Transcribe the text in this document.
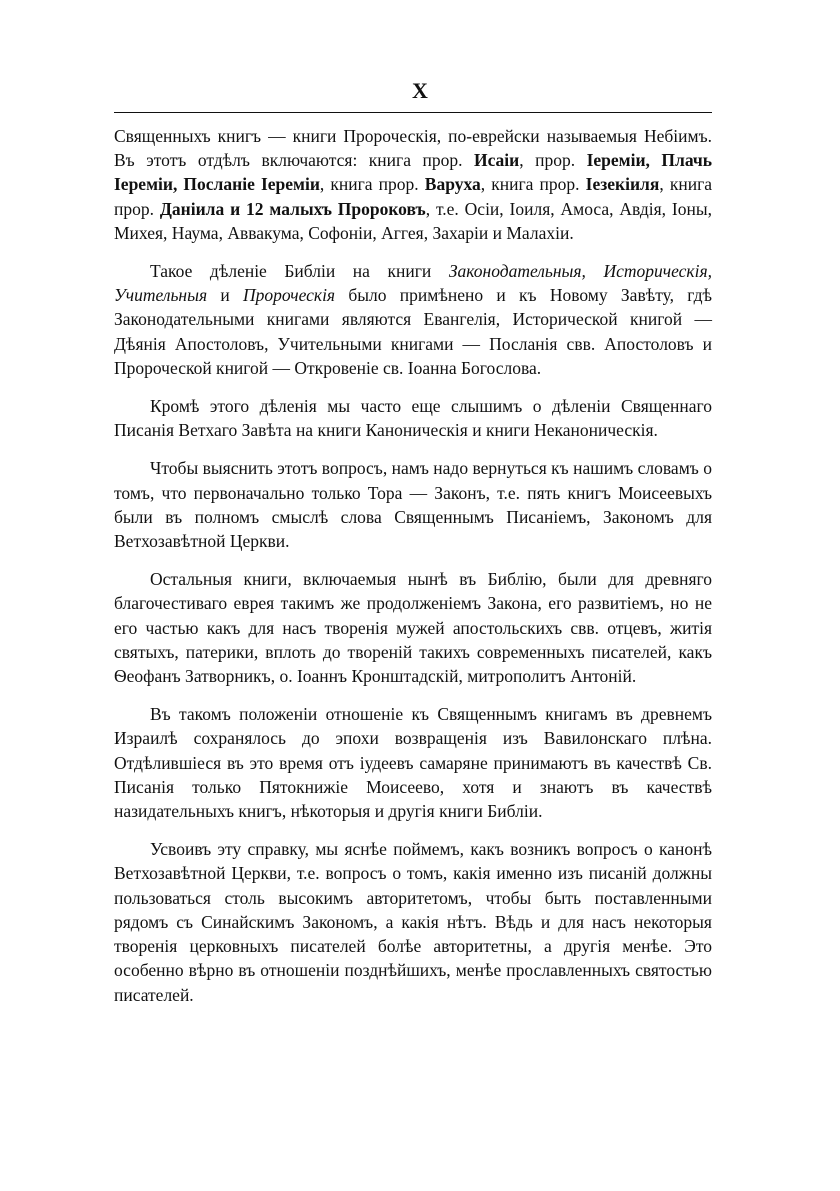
X

Священныхъ книгъ — книги Пророческія, по-еврейски называемыя Небіимъ. Въ этотъ отдѣлъ включаются: книга прор. Исаіи, прор. Іереміи, Плачь Іереміи, Посланіе Іереміи, книга прор. Варуха, книга прор. Іезекіиля, книга прор. Даніила и 12 малыхъ Пророковъ, т.е. Осіи, Іоиля, Амоса, Авдія, Іоны, Михея, Наума, Аввакума, Софоніи, Аггея, Захаріи и Малахіи.

Такое дѣленіе Библіи на книги Законодательныя, Историческія, Учительныя и Пророческія было примѣнено и къ Новому Завѣту, гдѣ Законодательными книгами являются Евангелія, Исторической книгой — Дѣянія Апостоловъ, Учительными книгами — Посланія свв. Апостоловъ и Пророческой книгой — Откровеніе св. Іоанна Богослова.

Кромѣ этого дѣленія мы часто еще слышимъ о дѣленіи Священнаго Писанія Ветхаго Завѣта на книги Каноническія и книги Неканоническія.

Чтобы выяснить этотъ вопросъ, намъ надо вернуться къ нашимъ словамъ о томъ, что первоначально только Тора — Законъ, т.е. пять книгъ Моисеевыхъ были въ полномъ смыслѣ слова Священнымъ Писаніемъ, Закономъ для Ветхозавѣтной Церкви.

Остальныя книги, включаемыя нынѣ въ Библію, были для древняго благочестиваго еврея такимъ же продолженіемъ Закона, его развитіемъ, но не его частью какъ для насъ творенія мужей апостольскихъ свв. отцевъ, житія святыхъ, патерики, вплоть до твореній такихъ современныхъ писателей, какъ Ѳеофанъ Затворникъ, о. Іоаннъ Кронштадскій, митрополитъ Антоній.

Въ такомъ положеніи отношеніе къ Священнымъ книгамъ въ древнемъ Израилѣ сохранялось до эпохи возвращенія изъ Вавилонскаго плѣна. Отдѣлившіеся въ это время отъ іудеевъ самаряне принимаютъ въ качествѣ Св. Писанія только Пятокнижіе Моисеево, хотя и знаютъ въ качествѣ назидательныхъ книгъ, нѣкоторыя и другія книги Библіи.

Усвоивъ эту справку, мы яснѣе поймемъ, какъ возникъ вопросъ о канонѣ Ветхозавѣтной Церкви, т.е. вопросъ о томъ, какія именно изъ писаній должны пользоваться столь высокимъ авторитетомъ, чтобы быть поставленными рядомъ съ Синайскимъ Закономъ, а какія нѣтъ. Вѣдь и для насъ некоторыя творенія церковныхъ писателей болѣе авторитетны, а другія менѣе. Это особенно вѣрно въ отношеніи позднѣйшихъ, менѣе прославленныхъ святостью писателей.
